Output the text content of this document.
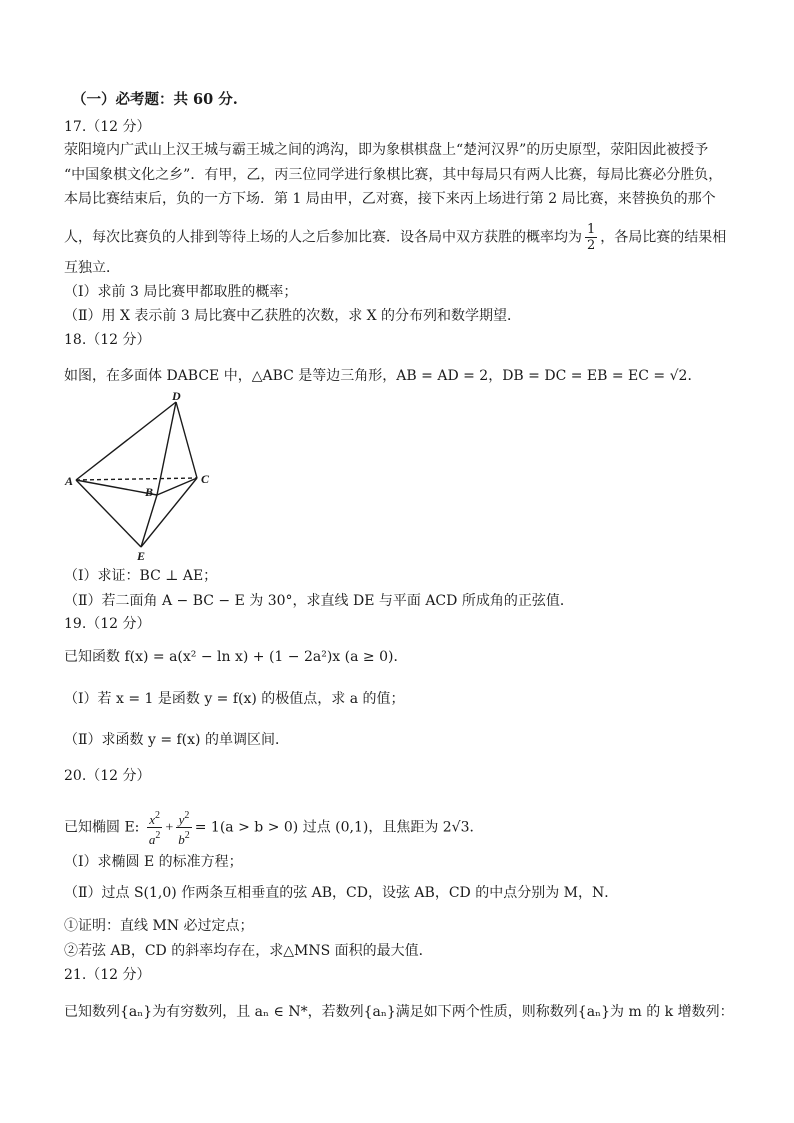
（一）必考题：共 60 分.
17.（12 分）
荥阳境内广武山上汉王城与霸王城之间的鸿沟，即为象棋棋盘上“楚河汉界”的历史原型，荥阳因此被授予
“中国象棋文化之乡”．有甲，乙，丙三位同学进行象棋比赛，其中每局只有两人比赛，每局比赛必分胜负，
本局比赛结束后，负的一方下场．第 1 局由甲，乙对赛，接下来丙上场进行第 2 局比赛，来替换负的那个
人，每次比赛负的人排到等待上场的人之后参加比赛．设各局中双方获胜的概率均为 $\frac{1}{2}$ ，各局比赛的结果相
互独立．
（Ⅰ）求前 3 局比赛甲都取胜的概率；
（Ⅱ）用 X 表示前 3 局比赛中乙获胜的次数，求 X 的分布列和数学期望．
18.（12 分）
如图，在多面体 DABCE 中，△ABC 是等边三角形，AB = AD = 2，DB = DC = EB = EC = √2．
（Ⅰ）求证：BC ⊥ AE；
（Ⅱ）若二面角 A − BC − E 为 30°，求直线 DE 与平面 ACD 所成角的正弦值．
19.（12 分）
已知函数 f(x) = a(x² − ln x) + (1 − 2a²)x (a ≥ 0)．
（Ⅰ）若 x = 1 是函数 y = f(x) 的极值点，求 a 的值；
（Ⅱ）求函数 y = f(x) 的单调区间．
20.（12 分）
已知椭圆 E: $\frac{x^2}{a^2} + \frac{y^2}{b^2} = 1(a > b > 0)$ 过点 (0,1)，且焦距为 2√3．
（Ⅰ）求椭圆 E 的标准方程；
（Ⅱ）过点 S(1,0) 作两条互相垂直的弦 AB，CD，设弦 AB，CD 的中点分别为 M，N．
①证明：直线 MN 必过定点；
②若弦 AB，CD 的斜率均存在，求△MNS 面积的最大值．
21.（12 分）
已知数列{aₙ}为有穷数列，且 aₙ ∈ N*，若数列{aₙ}满足如下两个性质，则称数列{aₙ}为 m 的 k 增数列：
D
A
B
C
E
